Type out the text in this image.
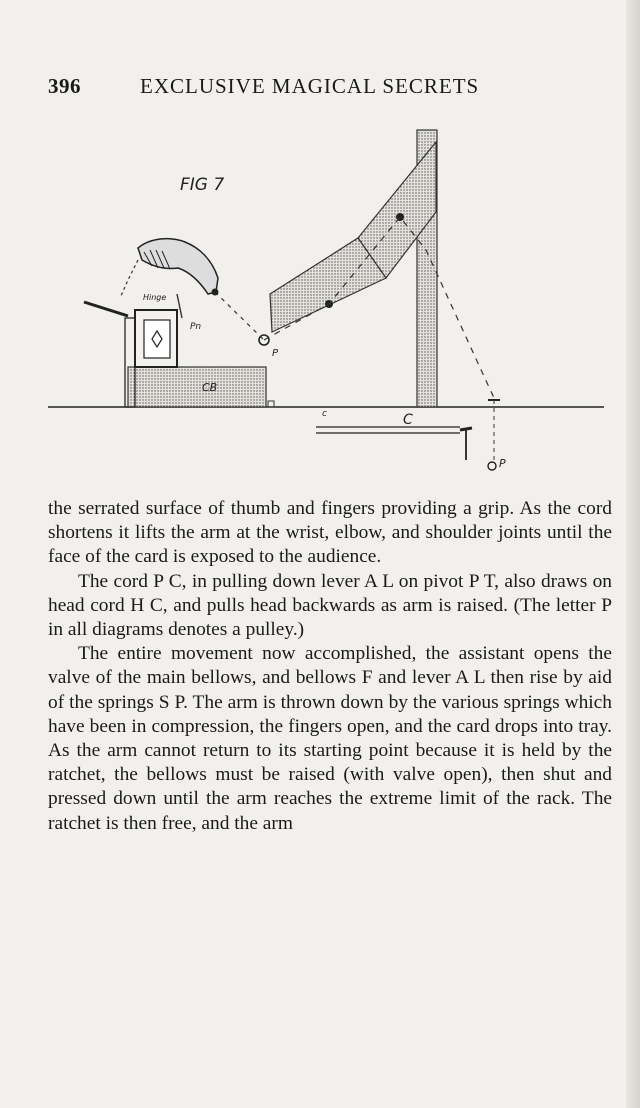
396	EXCLUSIVE MAGICAL SECRETS
FIG 7
P
CB
Hinge
Pn
C
c
P

the serrated surface of thumb and fingers providing a grip. As the cord shortens it lifts the arm at the wrist, elbow, and shoulder joints until the face of the card is exposed to the audience.

The cord P C, in pulling down lever A L on pivot P T, also draws on head cord H C, and pulls head backwards as arm is raised. (The letter P in all diagrams denotes a pulley.)

The entire movement now accomplished, the assistant opens the valve of the main bellows, and bellows F and lever A L then rise by aid of the springs S P. The arm is thrown down by the various springs which have been in compression, the fingers open, and the card drops into tray. As the arm cannot return to its starting point because it is held by the ratchet, the bellows must be raised (with valve open), then shut and pressed down until the arm reaches the extreme limit of the rack. The ratchet is then free, and the arm
